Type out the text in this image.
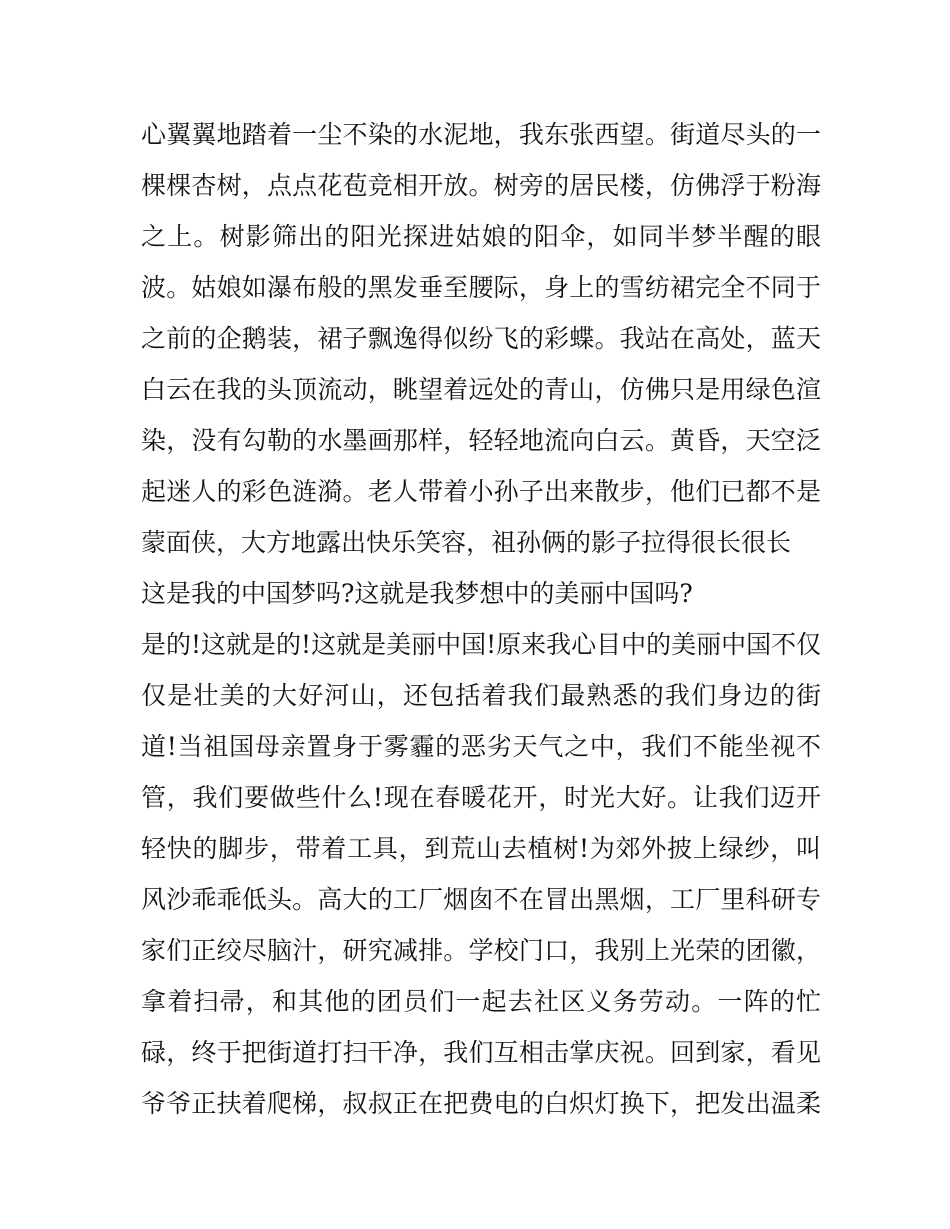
心翼翼地踏着一尘不染的水泥地，我东张西望。街道尽头的一
棵棵杏树，点点花苞竞相开放。树旁的居民楼，仿佛浮于粉海
之上。树影筛出的阳光探进姑娘的阳伞，如同半梦半醒的眼
波。姑娘如瀑布般的黑发垂至腰际，身上的雪纺裙完全不同于
之前的企鹅装，裙子飘逸得似纷飞的彩蝶。我站在高处，蓝天
白云在我的头顶流动，眺望着远处的青山，仿佛只是用绿色渲
染，没有勾勒的水墨画那样，轻轻地流向白云。黄昏，天空泛
起迷人的彩色涟漪。老人带着小孙子出来散步，他们已都不是
蒙面侠，大方地露出快乐笑容，祖孙俩的影子拉得很长很长
这是我的中国梦吗?这就是我梦想中的美丽中国吗?
是的!这就是的!这就是美丽中国!原来我心目中的美丽中国不仅
仅是壮美的大好河山，还包括着我们最熟悉的我们身边的街
道!当祖国母亲置身于雾霾的恶劣天气之中，我们不能坐视不
管，我们要做些什么!现在春暖花开，时光大好。让我们迈开
轻快的脚步，带着工具，到荒山去植树!为郊外披上绿纱，叫
风沙乖乖低头。高大的工厂烟囱不在冒出黑烟，工厂里科研专
家们正绞尽脑汁，研究减排。学校门口，我别上光荣的团徽，
拿着扫帚，和其他的团员们一起去社区义务劳动。一阵的忙
碌，终于把街道打扫干净，我们互相击掌庆祝。回到家，看见
爷爷正扶着爬梯，叔叔正在把费电的白炽灯换下，把发出温柔
